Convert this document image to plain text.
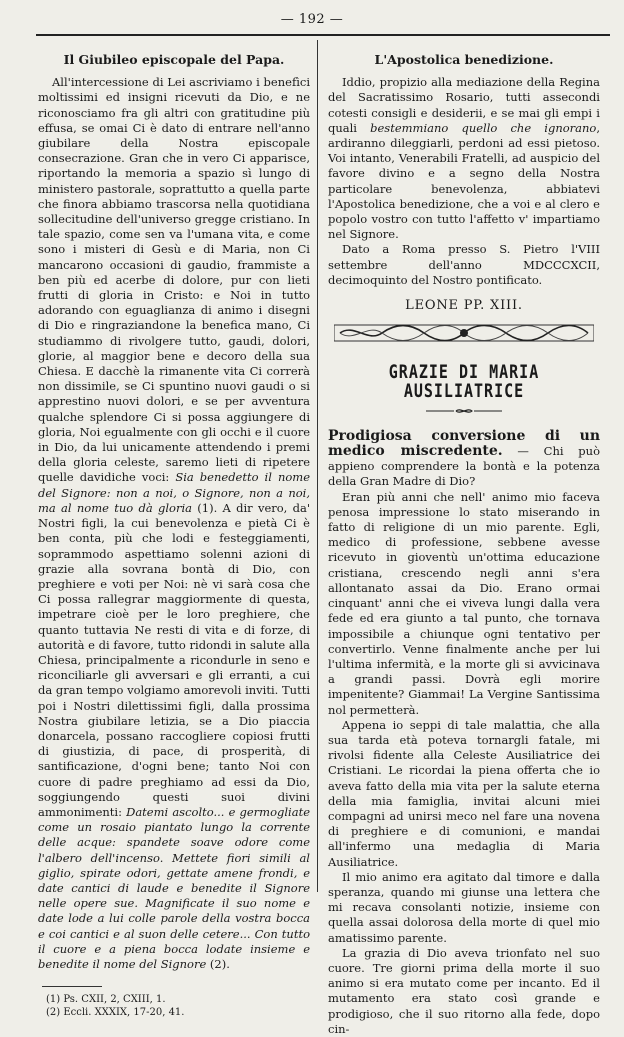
— 192 —
Il Giubileo episcopale del Papa.

All'intercessione di Lei ascriviamo i benefìci moltissimi ed insigni ricevuti da Dio, e ne riconosciamo fra gli altri con gratitudine più effusa, se omai Ci è dato di entrare nell'anno giubilare della Nostra episcopale consecrazione. Gran che in vero Ci apparisce, riportando la memoria a spazio sì lungo di ministero pastorale, soprattutto a quella parte che finora abbiamo trascorsa nella quotidiana sollecitudine dell'universo gregge cristiano. In tale spazio, come sen va l'umana vita, e come sono i misteri di Gesù e di Maria, non Ci mancarono occasioni di gaudio, frammiste a ben più ed acerbe di dolore, pur con lieti frutti di gloria in Cristo: e Noi in tutto adorando con eguaglianza di animo i disegni di Dio e ringraziandone la benefica mano, Ci studiammo di rivolgere tutto, gaudi, dolori, glorie, al maggior bene e decoro della sua Chiesa. E dacchè la rimanente vita Ci correrà non dissimile, se Ci spuntino nuovi gaudi o si apprestino nuovi dolori, e se per avventura qualche splendore Ci si possa aggiungere di gloria, Noi egualmente con gli occhi e il cuore in Dio, da lui unicamente attendendo i premi della gloria celeste, saremo lieti di ripetere quelle davidiche voci: Sia benedetto il nome del Signore: non a noi, o Signore, non a noi, ma al nome tuo dà gloria (1). A dir vero, da' Nostri figli, la cui benevolenza e pietà Ci è ben conta, più che lodi e festeggiamenti, soprammodo aspettiamo solenni azioni di grazie alla sovrana bontà di Dio, con preghiere e voti per Noi: nè vi sarà cosa che Ci possa rallegrar maggiormente di questa, impetrare cioè per le loro preghiere, che quanto tuttavia Ne resti di vita e di forze, di autorità e di favore, tutto ridondi in salute alla Chiesa, principalmente a ricondurle in seno e riconciliarle gli avversari e gli erranti, a cui da gran tempo volgiamo amorevoli inviti. Tutti poi i Nostri dilettissimi figli, dalla prossima Nostra giubilare letizia, se a Dio piaccia donarcela, possano raccogliere copiosi frutti di giustizia, di pace, di prosperità, di santificazione, d'ogni bene; tanto Noi con cuore di padre preghiamo ad essi da Dio, soggiungendo questi suoi divini ammonimenti: Datemi ascolto... e germogliate come un rosaio piantato lungo la corrente delle acque: spandete soave odore come l'albero dell'incenso. Mettete fiori simili al giglio, spirate odori, gettate amene frondi, e date cantici di laude e benedite il Signore nelle opere sue. Magnificate il suo nome e date lode a lui colle parole della vostra bocca e coi cantici e al suon delle cetere... Con tutto il cuore e a piena bocca lodate insieme e benedite il nome del Signore (2).

(1) Ps. CXII, 2, CXIII, 1.

(2) Eccli. XXXIX, 17-20, 41.

L'Apostolica benedizione.

Iddio, propizio alla mediazione della Regina del Sacratissimo Rosario, tutti assecondi cotesti consigli e desiderii, e se mai gli empi i quali bestemmiano quello che ignorano, ardiranno dileggiarli, perdoni ad essi pietoso. Voi intanto, Venerabili Fratelli, ad auspicio del favore divino e a segno della Nostra particolare benevolenza, abbiatevi l'Apostolica benedizione, che a voi e al clero e popolo vostro con tutto l'affetto v' impartiamo nel Signore.

Dato a Roma presso S. Pietro l'VIII settembre dell'anno MDCCCXCII, decimoquinto del Nostro pontificato.

LEONE PP. XIII.
GRAZIE DI MARIA AUSILIATRICE

Prodigiosa conversione di un medico miscredente. — Chi può appieno comprendere la bontà e la potenza della Gran Madre di Dio?

Eran più anni che nell' animo mio faceva penosa impressione lo stato miserando in fatto di religione di un mio parente. Egli, medico di professione, sebbene avesse ricevuto in gioventù un'ottima educazione cristiana, crescendo negli anni s'era allontanato assai da Dio. Erano ormai cinquant' anni che ei viveva lungi dalla vera fede ed era giunto a tal punto, che tornava impossibile a chiunque ogni tentativo per convertirlo. Venne finalmente anche per lui l'ultima infermità, e la morte gli si avvicinava a grandi passi. Dovrà egli morire impenitente? Giammai! La Vergine Santissima nol permetterà.

Appena io seppi di tale malattia, che alla sua tarda età poteva tornargli fatale, mi rivolsi fidente alla Celeste Ausiliatrice dei Cristiani. Le ricordai la piena offerta che io aveva fatto della mia vita per la salute eterna della mia famiglia, invitai alcuni miei compagni ad unirsi meco nel fare una novena di preghiere e di comunioni, e mandai all'infermo una medaglia di Maria Ausiliatrice.

Il mio animo era agitato dal timore e dalla speranza, quando mi giunse una lettera che mi recava consolanti notizie, insieme con quella assai dolorosa della morte di quel mio amatissimo parente.

La grazia di Dio aveva trionfato nel suo cuore. Tre giorni prima della morte il suo animo si era mutato come per incanto. Ed il mutamento era stato così grande e prodigioso, che il suo ritorno alla fede, dopo cin-
